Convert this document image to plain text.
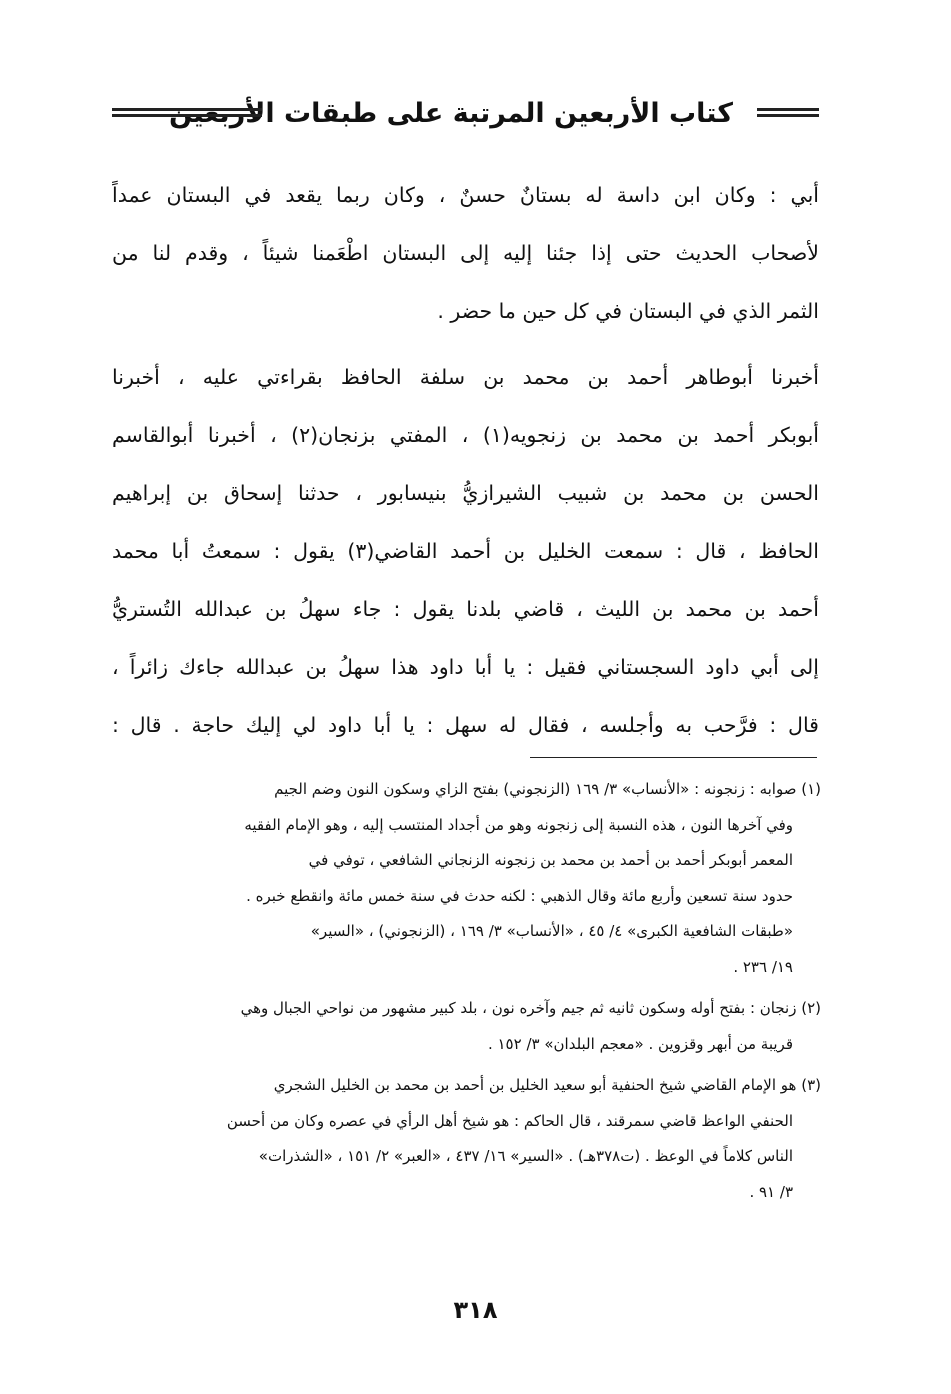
كتاب الأربعين المرتبة على طبقات الأربعين
أبي : وكان ابن داسة له بستانٌ حسنٌ ، وكان ربما يقعد في البستان عمداً
لأصحاب الحديث حتى إذا جئنا إليه إلى البستان اطْعَمنا شيئاً ، وقدم لنا من
الثمر الذي في البستان في كل حين ما حضر .
أخبرنا أبوطاهر أحمد بن محمد بن سلفة الحافظ بقراءتي عليه ، أخبرنا
أبوبكر أحمد بن محمد بن زنجويه(١) ، المفتي بزنجان(٢) ، أخبرنا أبوالقاسم
الحسن بن محمد بن شبيب الشيرازيُّ بنيسابور ، حدثنا إسحاق بن إبراهيم
الحافظ ، قال : سمعت الخليل بن أحمد القاضي(٣) يقول : سمعتُ أبا محمد
أحمد بن محمد بن الليث ، قاضي بلدنا يقول : جاء سهلُ بن عبدالله التُستريُّ
إلى أبي داود السجستاني فقيل : يا أبا داود هذا سهلُ بن عبدالله جاءك زائراً ،
قال : فرَّحب به وأجلسه ، فقال له سهل : يا أبا داود لي إليك حاجة . قال :
(١) صوابه : زنجونه : «الأنساب» ٣/ ١٦٩ (الزنجوني) بفتح الزاي وسكون النون وضم الجيم
وفي آخرها النون ، هذه النسبة إلى زنجونه وهو من أجداد المنتسب إليه ، وهو الإمام الفقيه
المعمر أبوبكر أحمد بن أحمد بن محمد بن زنجونه الزنجاني الشافعي ، توفي في
حدود سنة تسعين وأربع مائة وقال الذهبي : لكنه حدث في سنة خمس مائة وانقطع خبره .
«طبقات الشافعية الكبرى» ٤/ ٤٥ ، «الأنساب» ٣/ ١٦٩ ، (الزنجوني) ، «السير»
١٩/ ٢٣٦ .
(٢) زنجان : بفتح أوله وسكون ثانيه ثم جيم وآخره نون ، بلد كبير مشهور من نواحي الجبال وهي
قريبة من أبهر وقزوين . «معجم البلدان» ٣/ ١٥٢ .
(٣) هو الإمام القاضي شيخ الحنفية أبو سعيد الخليل بن أحمد بن محمد بن الخليل الشجري
الحنفي الواعظ قاضي سمرقند ، قال الحاكم : هو شيخ أهل الرأي في عصره وكان من أحسن
الناس كلاماً في الوعظ . (ت٣٧٨هـ) . «السير» ١٦/ ٤٣٧ ، «العبر» ٢/ ١٥١ ، «الشذرات»
٣/ ٩١ .
٣١٨
